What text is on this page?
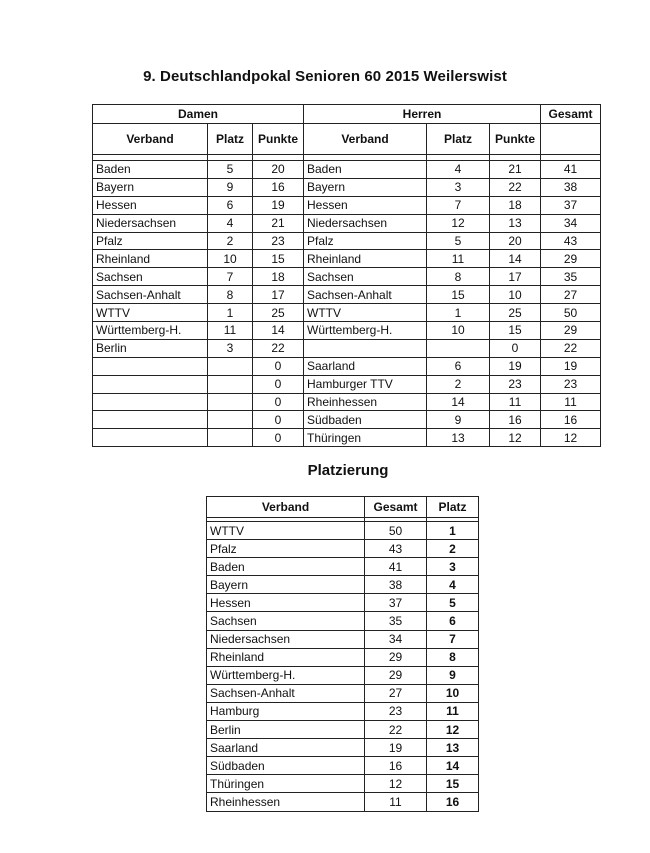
9. Deutschlandpokal Senioren 60 2015 Weilerswist
Damen			Herren			Gesamt
Verband	Platz	Punkte	Verband	Platz	Punkte	

Baden	5	20	Baden	4	21	41
Bayern	9	16	Bayern	3	22	38
Hessen	6	19	Hessen	7	18	37
Niedersachsen	4	21	Niedersachsen	12	13	34
Pfalz	2	23	Pfalz	5	20	43
Rheinland	10	15	Rheinland	11	14	29
Sachsen	7	18	Sachsen	8	17	35
Sachsen-Anhalt	8	17	Sachsen-Anhalt	15	10	27
WTTV	1	25	WTTV	1	25	50
Württemberg-H.	11	14	Württemberg-H.	10	15	29
Berlin	3	22			0	22
		0	Saarland	6	19	19
		0	Hamburger TTV	2	23	23
		0	Rheinhessen	14	11	11
		0	Südbaden	9	16	16
		0	Thüringen	13	12	12
Platzierung
Verband	Gesamt	Platz

WTTV	50	1
Pfalz	43	2
Baden	41	3
Bayern	38	4
Hessen	37	5
Sachsen	35	6
Niedersachsen	34	7
Rheinland	29	8
Württemberg-H.	29	9
Sachsen-Anhalt	27	10
Hamburg	23	11
Berlin	22	12
Saarland	19	13
Südbaden	16	14
Thüringen	12	15
Rheinhessen	11	16
